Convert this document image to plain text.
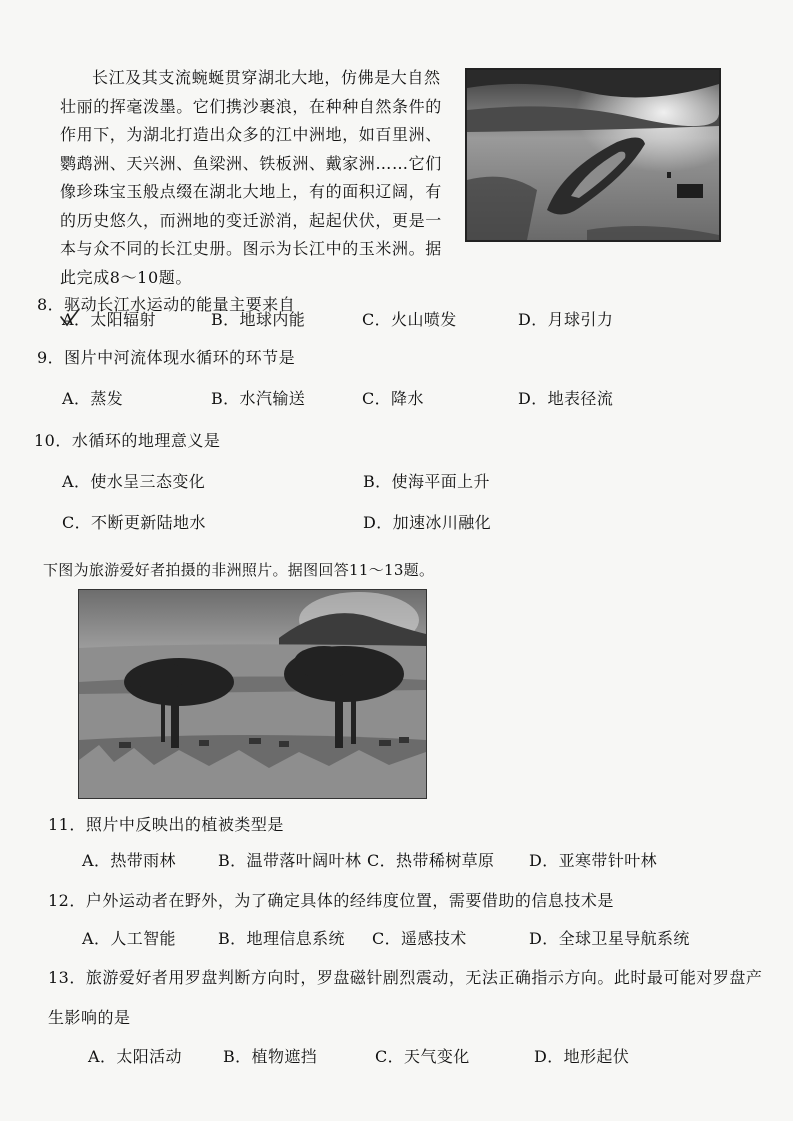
长江及其支流蜿蜒贯穿湖北大地，仿佛是大自然壮丽的挥毫泼墨。它们携沙裹浪，在种种自然条件的作用下，为湖北打造出众多的江中洲地，如百里洲、鹦鹉洲、天兴洲、鱼梁洲、铁板洲、戴家洲……它们像珍珠宝玉般点缀在湖北大地上，有的面积辽阔，有的历史悠久，而洲地的变迁淤消，起起伏伏，更是一本与众不同的长江史册。图示为长江中的玉米洲。据此完成8～10题。

8．驱动长江水运动的能量主要来自

A．太阳辐射	B．地球内能	C．火山喷发	D．月球引力

9．图片中河流体现水循环的环节是

A．蒸发	B．水汽输送	C．降水	D．地表径流

10．水循环的地理意义是

A．使水呈三态变化	B．使海平面上升
C．不断更新陆地水	D．加速冰川融化

下图为旅游爱好者拍摄的非洲照片。据图回答11～13题。

11．照片中反映出的植被类型是

A．热带雨林	B．温带落叶阔叶林 C．热带稀树草原 D．亚寒带针叶林

12．户外运动者在野外，为了确定具体的经纬度位置，需要借助的信息技术是

A．人工智能	B．地理信息系统 C．遥感技术	D．全球卫星导航系统

13．旅游爱好者用罗盘判断方向时，罗盘磁针剧烈震动，无法正确指示方向。此时最可能对罗盘产生影响的是

A．太阳活动	B．植物遮挡	C．天气变化	D．地形起伏
